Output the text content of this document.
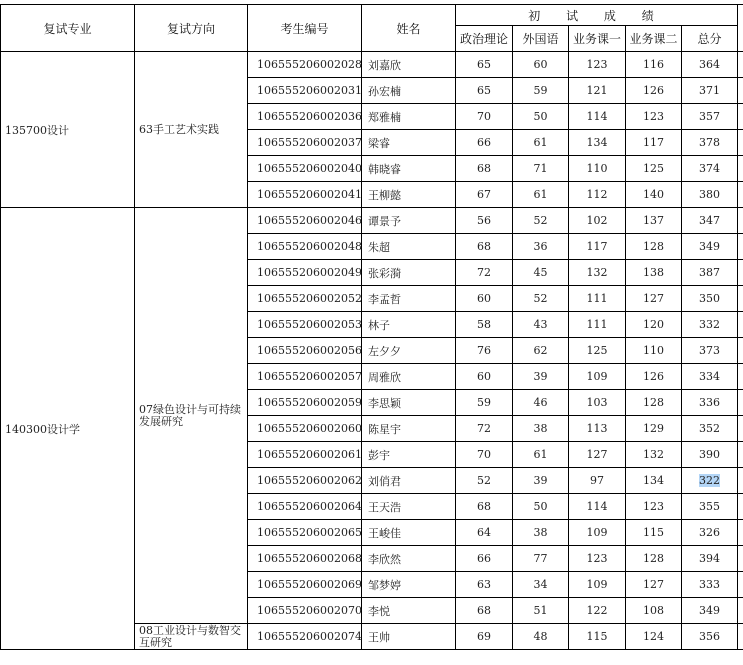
复试专业	复试方向	考生编号	姓名	初 试 成 绩					
				政治理论	外国语	业务课一	业务课二	总分	
135700设计	63手工艺术实践	106555206002028	刘嘉欣	65	60	123	116	364	
		106555206002031	孙宏楠	65	59	121	126	371	
		106555206002036	郑雅楠	70	50	114	123	357	
		106555206002037	梁睿	66	61	134	117	378	
		106555206002040	韩晓睿	68	71	110	125	374	
		106555206002041	王柳懿	67	61	112	140	380	
140300设计学	07绿色设计与可持续发展研究	106555206002046	谭景予	56	52	102	137	347	
		106555206002048	朱超	68	36	117	128	349	
		106555206002049	张彩漪	72	45	132	138	387	
		106555206002052	李孟哲	60	52	111	127	350	
		106555206002053	林子	58	43	111	120	332	
		106555206002056	左夕夕	76	62	125	110	373	
		106555206002057	周雅欣	60	39	109	126	334	
		106555206002059	李思颖	59	46	103	128	336	
		106555206002060	陈星宇	72	38	113	129	352	
		106555206002061	彭宇	70	61	127	132	390	
		106555206002062	刘俏君	52	39	97	134	322	
		106555206002064	王天浩	68	50	114	123	355	
		106555206002065	王峻佳	64	38	109	115	326	
		106555206002068	李欣然	66	77	123	128	394	
		106555206002069	邹梦婷	63	34	109	127	333	
		106555206002070	李悦	68	51	122	108	349	
	08工业设计与数智交互研究	106555206002074	王帅	69	48	115	124	356	
